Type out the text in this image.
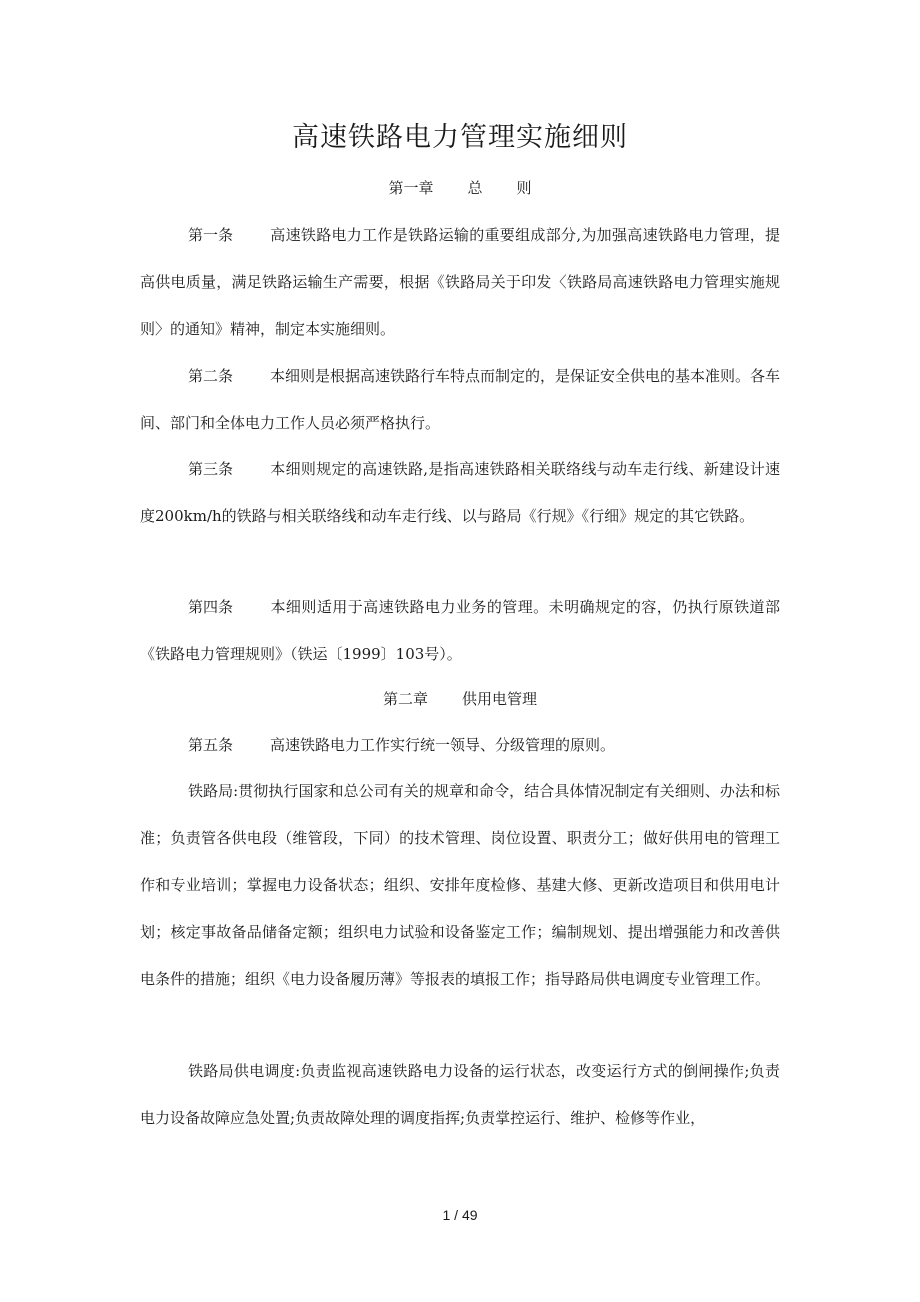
高速铁路电力管理实施细则
第一章 总 则
第一条 高速铁路电力工作是铁路运输的重要组成部分,为加强高速铁路电力管理，提高供电质量，满足铁路运输生产需要，根据《铁路局关于印发〈铁路局高速铁路电力管理实施规则〉的通知》精神，制定本实施细则。
第二条 本细则是根据高速铁路行车特点而制定的，是保证安全供电的基本准则。各车间、部门和全体电力工作人员必须严格执行。
第三条 本细则规定的高速铁路,是指高速铁路相关联络线与动车走行线、新建设计速度200km/h的铁路与相关联络线和动车走行线、以与路局《行规》《行细》规定的其它铁路。
第四条 本细则适用于高速铁路电力业务的管理。未明确规定的容，仍执行原铁道部《铁路电力管理规则》（铁运〔1999〕103号）。
第二章 供用电管理
第五条 高速铁路电力工作实行统一领导、分级管理的原则。
铁路局:贯彻执行国家和总公司有关的规章和命令，结合具体情况制定有关细则、办法和标准；负责管各供电段（维管段，下同）的技术管理、岗位设置、职责分工；做好供用电的管理工作和专业培训；掌握电力设备状态；组织、安排年度检修、基建大修、更新改造项目和供用电计划；核定事故备品储备定额；组织电力试验和设备鉴定工作；编制规划、提出增强能力和改善供电条件的措施；组织《电力设备履历薄》等报表的填报工作；指导路局供电调度专业管理工作。
铁路局供电调度:负责监视高速铁路电力设备的运行状态，改变运行方式的倒闸操作;负责电力设备故障应急处置;负责故障处理的调度指挥;负责掌控运行、维护、检修等作业，
1 / 49
